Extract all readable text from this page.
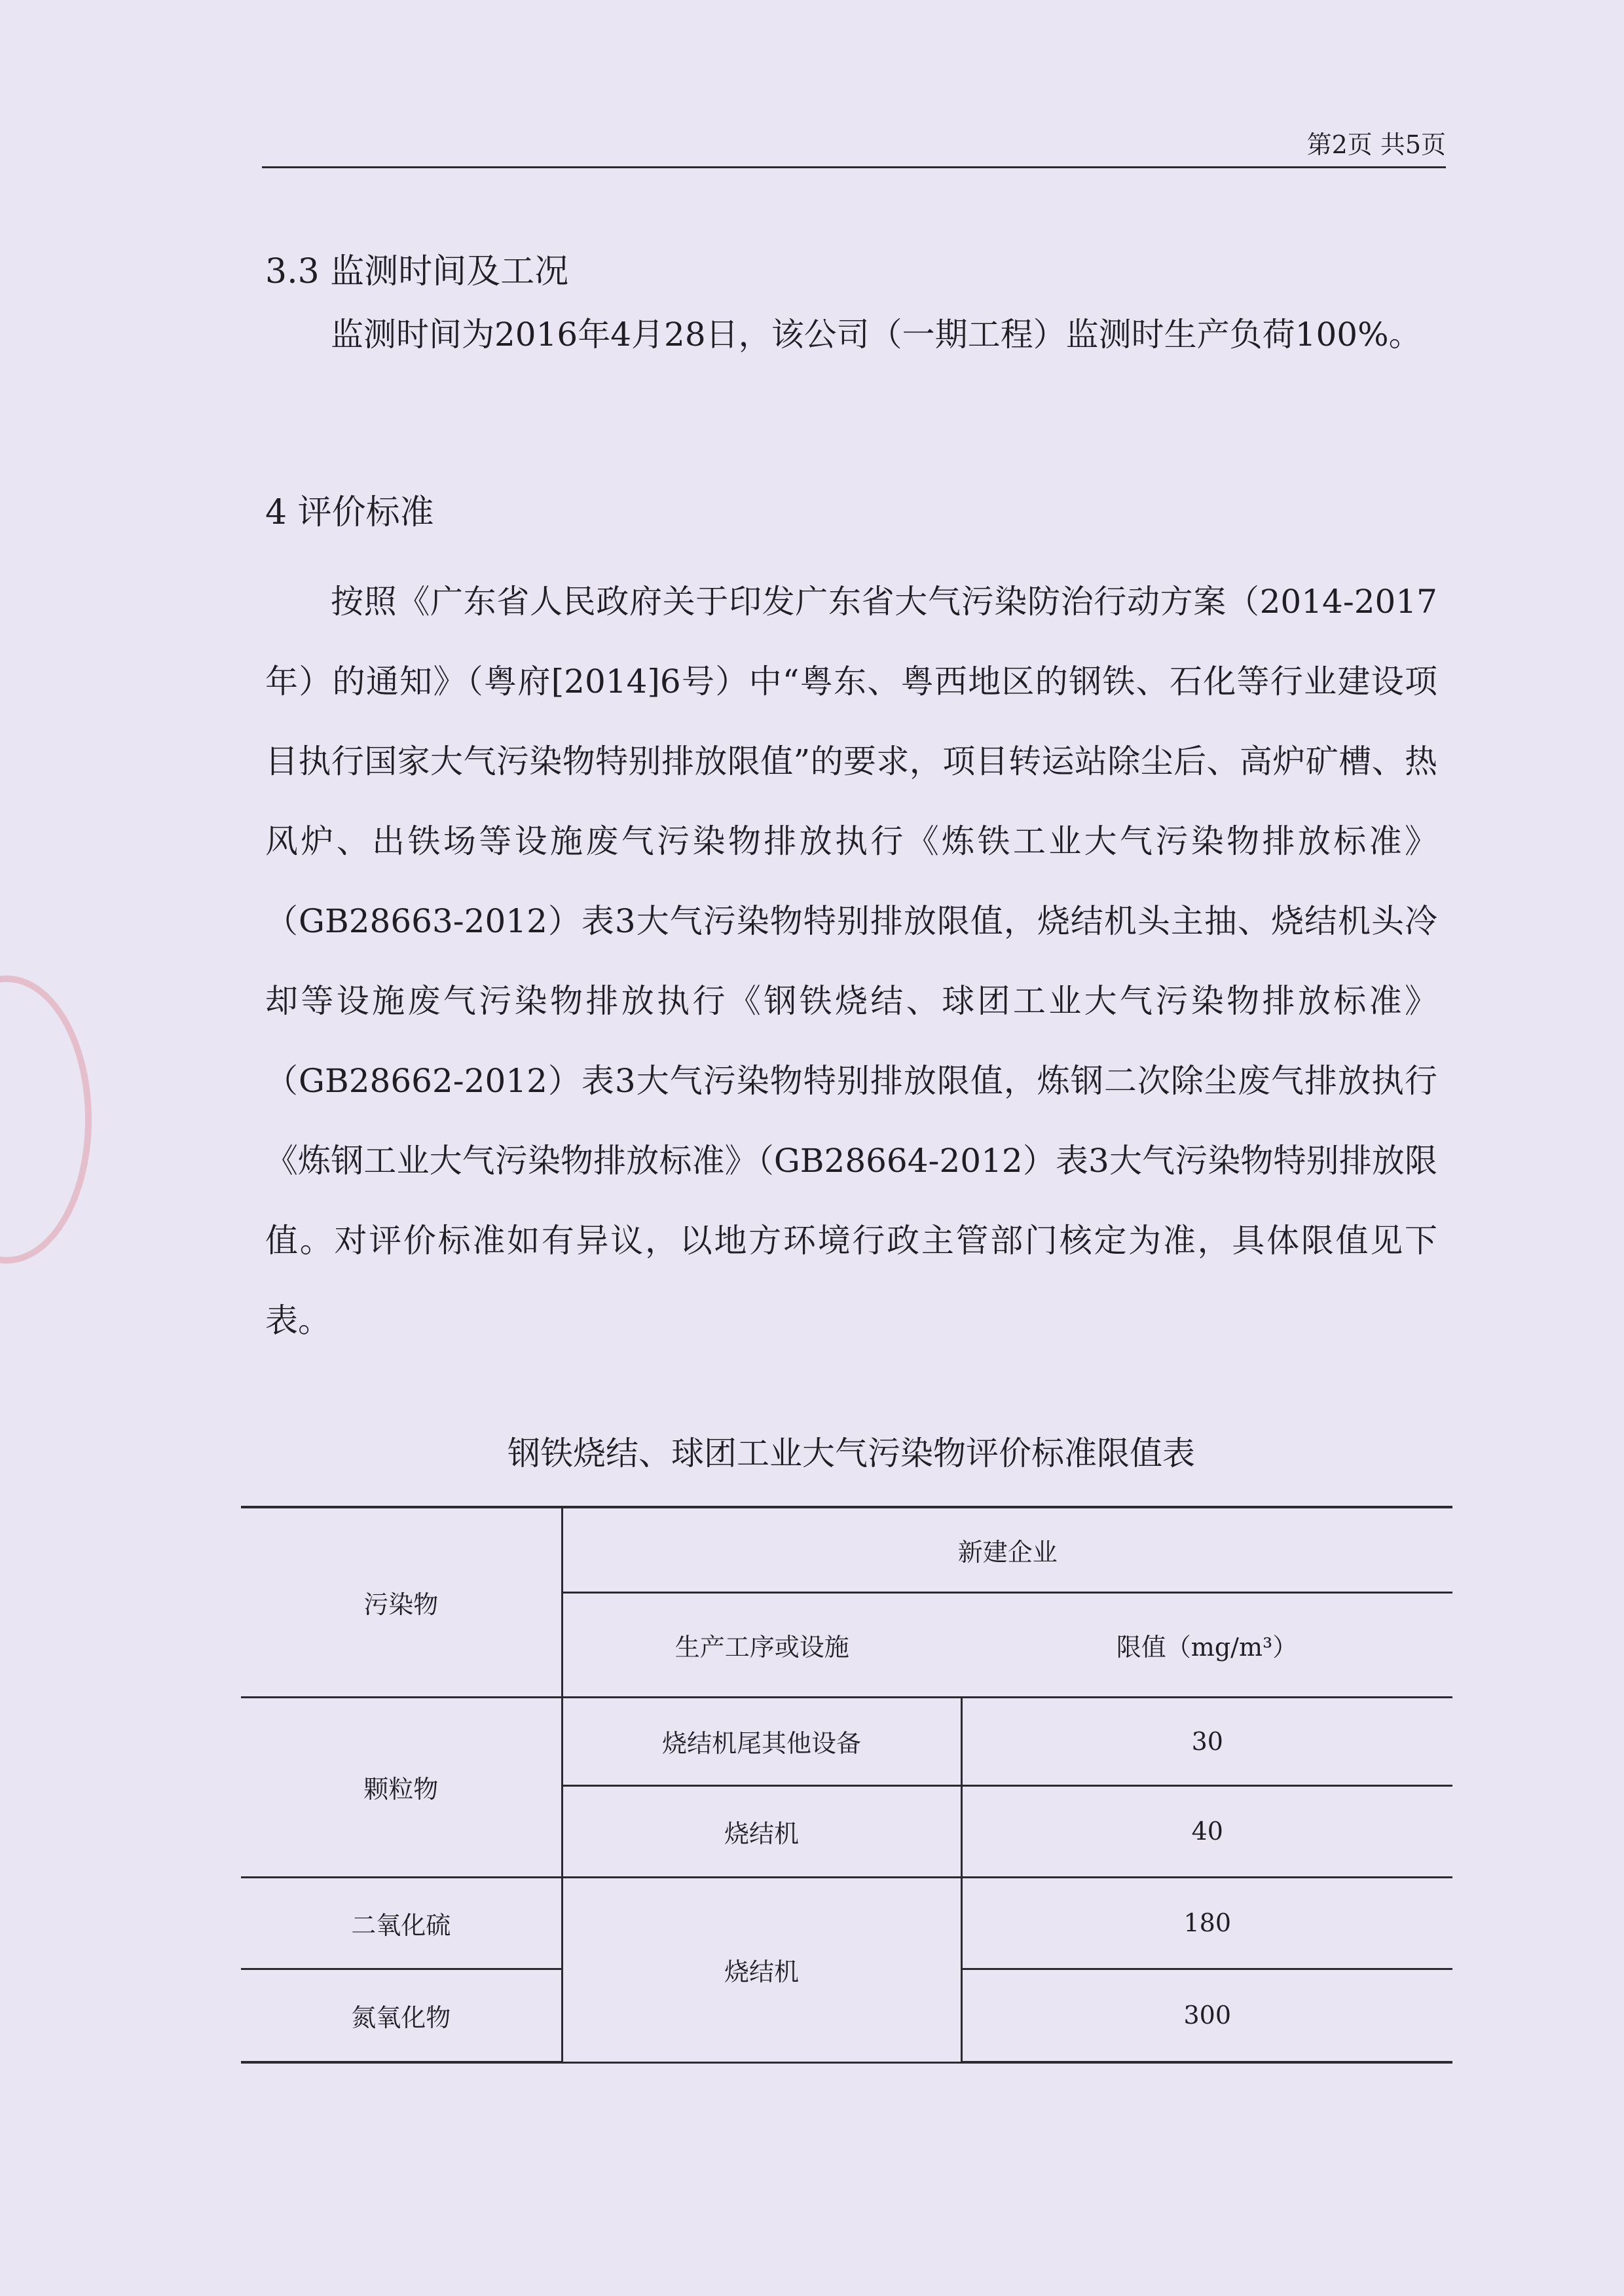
第2页 共5页
3.3 监测时间及工况

监测时间为2016年4月28日，该公司（一期工程）监测时生产负荷100%。

4 评价标准

按照《广东省人民政府关于印发广东省大气污染防治行动方案（2014-2017年）的通知》（粤府[2014]6号）中“粤东、粤西地区的钢铁、石化等行业建设项目执行国家大气污染物特别排放限值”的要求，项目转运站除尘后、高炉矿槽、热风炉、出铁场等设施废气污染物排放执行《炼铁工业大气污染物排放标准》（GB28663-2012）表3大气污染物特别排放限值，烧结机头主抽、烧结机头冷却等设施废气污染物排放执行《钢铁烧结、球团工业大气污染物排放标准》（GB28662-2012）表3大气污染物特别排放限值，炼钢二次除尘废气排放执行《炼钢工业大气污染物排放标准》（GB28664-2012）表3大气污染物特别排放限值。对评价标准如有异议，以地方环境行政主管部门核定为准，具体限值见下表。

钢铁烧结、球团工业大气污染物评价标准限值表

污染物	新建企业	
	生产工序或设施	限值（mg/m³）
颗粒物	烧结机尾其他设备	30
	烧结机	40
二氧化硫	烧结机	180
氮氧化物		300
